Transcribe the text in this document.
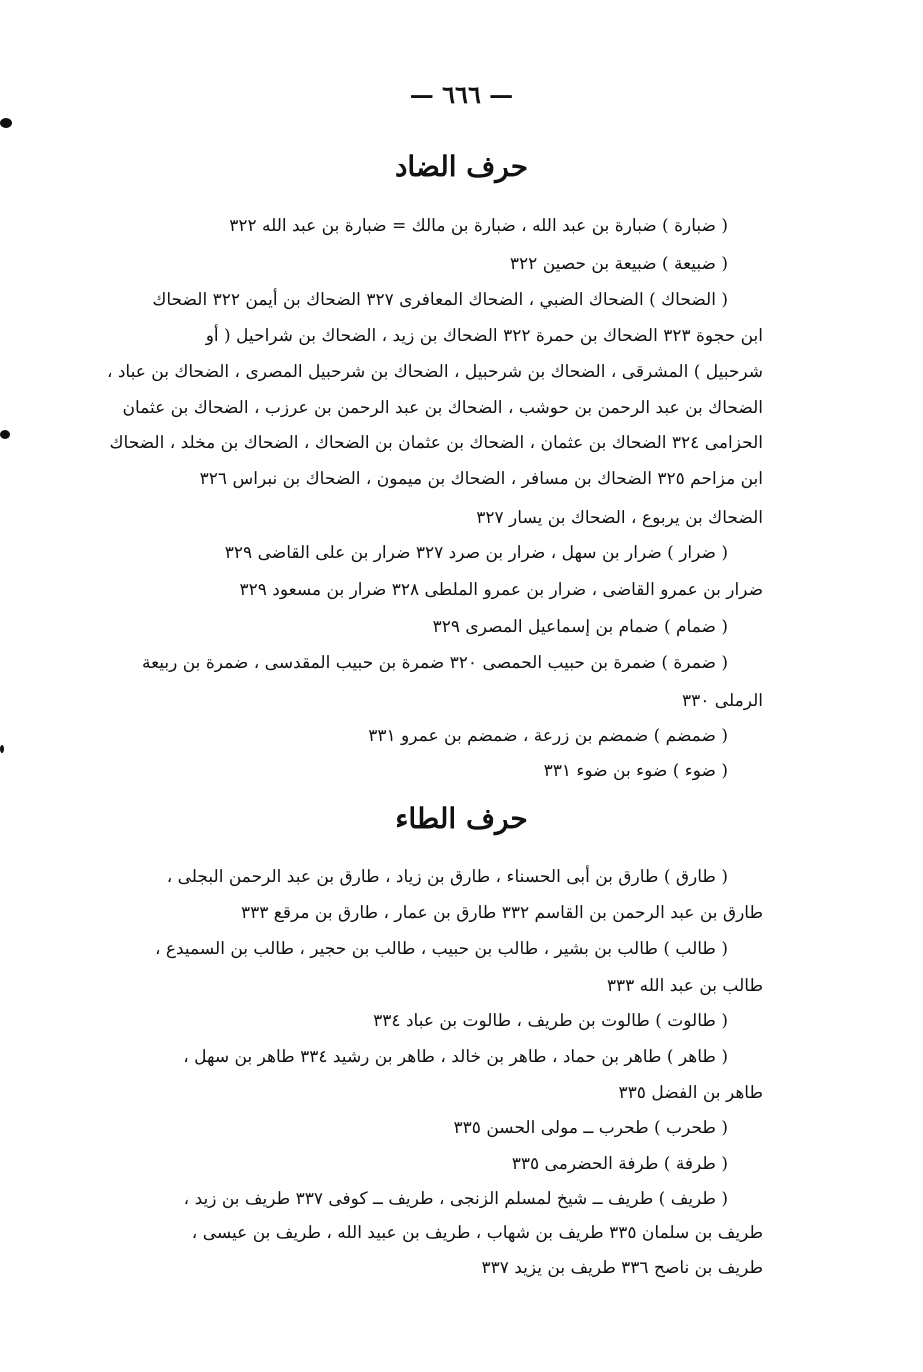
— ٦٦٦ —
حرف الضاد
( ضبارة ) ضبارة بن عبد الله ، ضبارة بن مالك = ضبارة بن عبد الله ٣٢٢
( ضبيعة ) ضبيعة بن حصين ٣٢٢
( الضحاك ) الضحاك الضبي ، الضحاك المعافرى ٣٢٧ الضحاك بن أيمن ٣٢٢ الضحاك
ابن حجوة ٣٢٣ الضحاك بن حمرة ٣٢٢ الضحاك بن زيد ، الضحاك بن شراحيل ( أو
شرحبيل ) المشرقى ، الضحاك بن شرحبيل ، الضحاك بن شرحبيل المصرى ، الضحاك بن عباد ،
الضحاك بن عبد الرحمن بن حوشب ، الضحاك بن عبد الرحمن بن عرزب ، الضحاك بن عثمان
الحزامى ٣٢٤ الضحاك بن عثمان ، الضحاك بن عثمان بن الضحاك ، الضحاك بن مخلد ، الضحاك
ابن مزاحم ٣٢٥ الضحاك بن مسافر ، الضحاك بن ميمون ، الضحاك بن نبراس ٣٢٦
الضحاك بن يربوع ، الضحاك بن يسار ٣٢٧
( ضرار ) ضرار بن سهل ، ضرار بن صرد ٣٢٧ ضرار بن على القاضى ٣٢٩
ضرار بن عمرو القاضى ، ضرار بن عمرو الملطى ٣٢٨ ضرار بن مسعود ٣٢٩
( ضمام ) ضمام بن إسماعيل المصرى ٣٢٩
( ضمرة ) ضمرة بن حبيب الحمصى ٣٢٠ ضمرة بن حبيب المقدسى ، ضمرة بن ربيعة
الرملى ٣٣٠
( ضمضم ) ضمضم بن زرعة ، ضمضم بن عمرو ٣٣١
( ضوء ) ضوء بن ضوء ٣٣١
حرف الطاء
( طارق ) طارق بن أبى الحسناء ، طارق بن زياد ، طارق بن عبد الرحمن البجلى ،
طارق بن عبد الرحمن بن القاسم ٣٣٢ طارق بن عمار ، طارق بن مرقع ٣٣٣
( طالب ) طالب بن بشير ، طالب بن حبيب ، طالب بن حجير ، طالب بن السميدع ،
طالب بن عبد الله ٣٣٣
( طالوت ) طالوت بن طريف ، طالوت بن عباد ٣٣٤
( طاهر ) طاهر بن حماد ، طاهر بن خالد ، طاهر بن رشيد ٣٣٤ طاهر بن سهل ،
طاهر بن الفضل ٣٣٥
( طحرب ) طحرب ــ مولى الحسن ٣٣٥
( طرفة ) طرفة الحضرمى ٣٣٥
( طريف ) طريف ــ شيخ لمسلم الزنجى ، طريف ــ كوفى ٣٣٧ طريف بن زيد ،
طريف بن سلمان ٣٣٥ طريف بن شهاب ، طريف بن عبيد الله ، طريف بن عيسى ،
طريف بن ناصح ٣٣٦ طريف بن يزيد ٣٣٧
